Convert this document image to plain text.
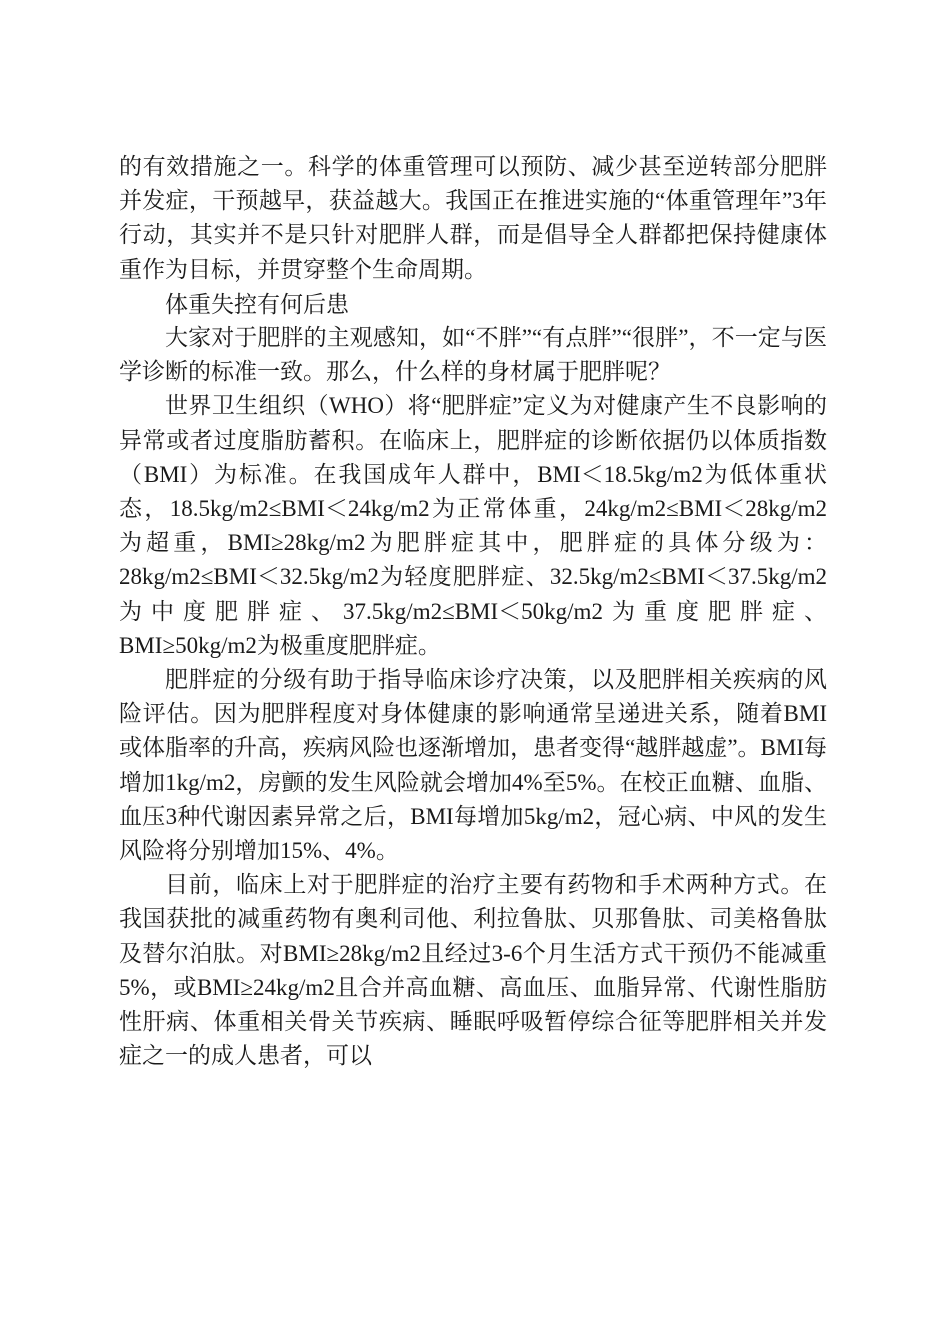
的有效措施之一。科学的体重管理可以预防、减少甚至逆转部分肥胖并发症，干预越早，获益越大。我国正在推进实施的“体重管理年”3年行动，其实并不是只针对肥胖人群，而是倡导全人群都把保持健康体重作为目标，并贯穿整个生命周期。

体重失控有何后患

大家对于肥胖的主观感知，如“不胖”“有点胖”“很胖”，不一定与医学诊断的标准一致。那么，什么样的身材属于肥胖呢？

世界卫生组织（WHO）将“肥胖症”定义为对健康产生不良影响的异常或者过度脂肪蓄积。在临床上，肥胖症的诊断依据仍以体质指数（BMI）为标准。在我国成年人群中，BMI＜18.5kg/m2为低体重状态，18.5kg/m2≤BMI＜24kg/m2为正常体重，24kg/m2≤BMI＜28kg/m2为超重，BMI≥28kg/m2为肥胖症其中，肥胖症的具体分级为：28kg/m2≤BMI＜32.5kg/m2为轻度肥胖症、32.5kg/m2≤BMI＜37.5kg/m2为中度肥胖症、37.5kg/m2≤BMI＜50kg/m2为重度肥胖症、BMI≥50kg/m2为极重度肥胖症。

肥胖症的分级有助于指导临床诊疗决策，以及肥胖相关疾病的风险评估。因为肥胖程度对身体健康的影响通常呈递进关系，随着BMI或体脂率的升高，疾病风险也逐渐增加，患者变得“越胖越虚”。BMI每增加1kg/m2，房颤的发生风险就会增加4%至5%。在校正血糖、血脂、血压3种代谢因素异常之后，BMI每增加5kg/m2，冠心病、中风的发生风险将分别增加15%、4%。

目前，临床上对于肥胖症的治疗主要有药物和手术两种方式。在我国获批的减重药物有奥利司他、利拉鲁肽、贝那鲁肽、司美格鲁肽及替尔泊肽。对BMI≥28kg/m2且经过3-6个月生活方式干预仍不能减重5%，或BMI≥24kg/m2且合并高血糖、高血压、血脂异常、代谢性脂肪性肝病、体重相关骨关节疾病、睡眠呼吸暂停综合征等肥胖相关并发症之一的成人患者，可以
